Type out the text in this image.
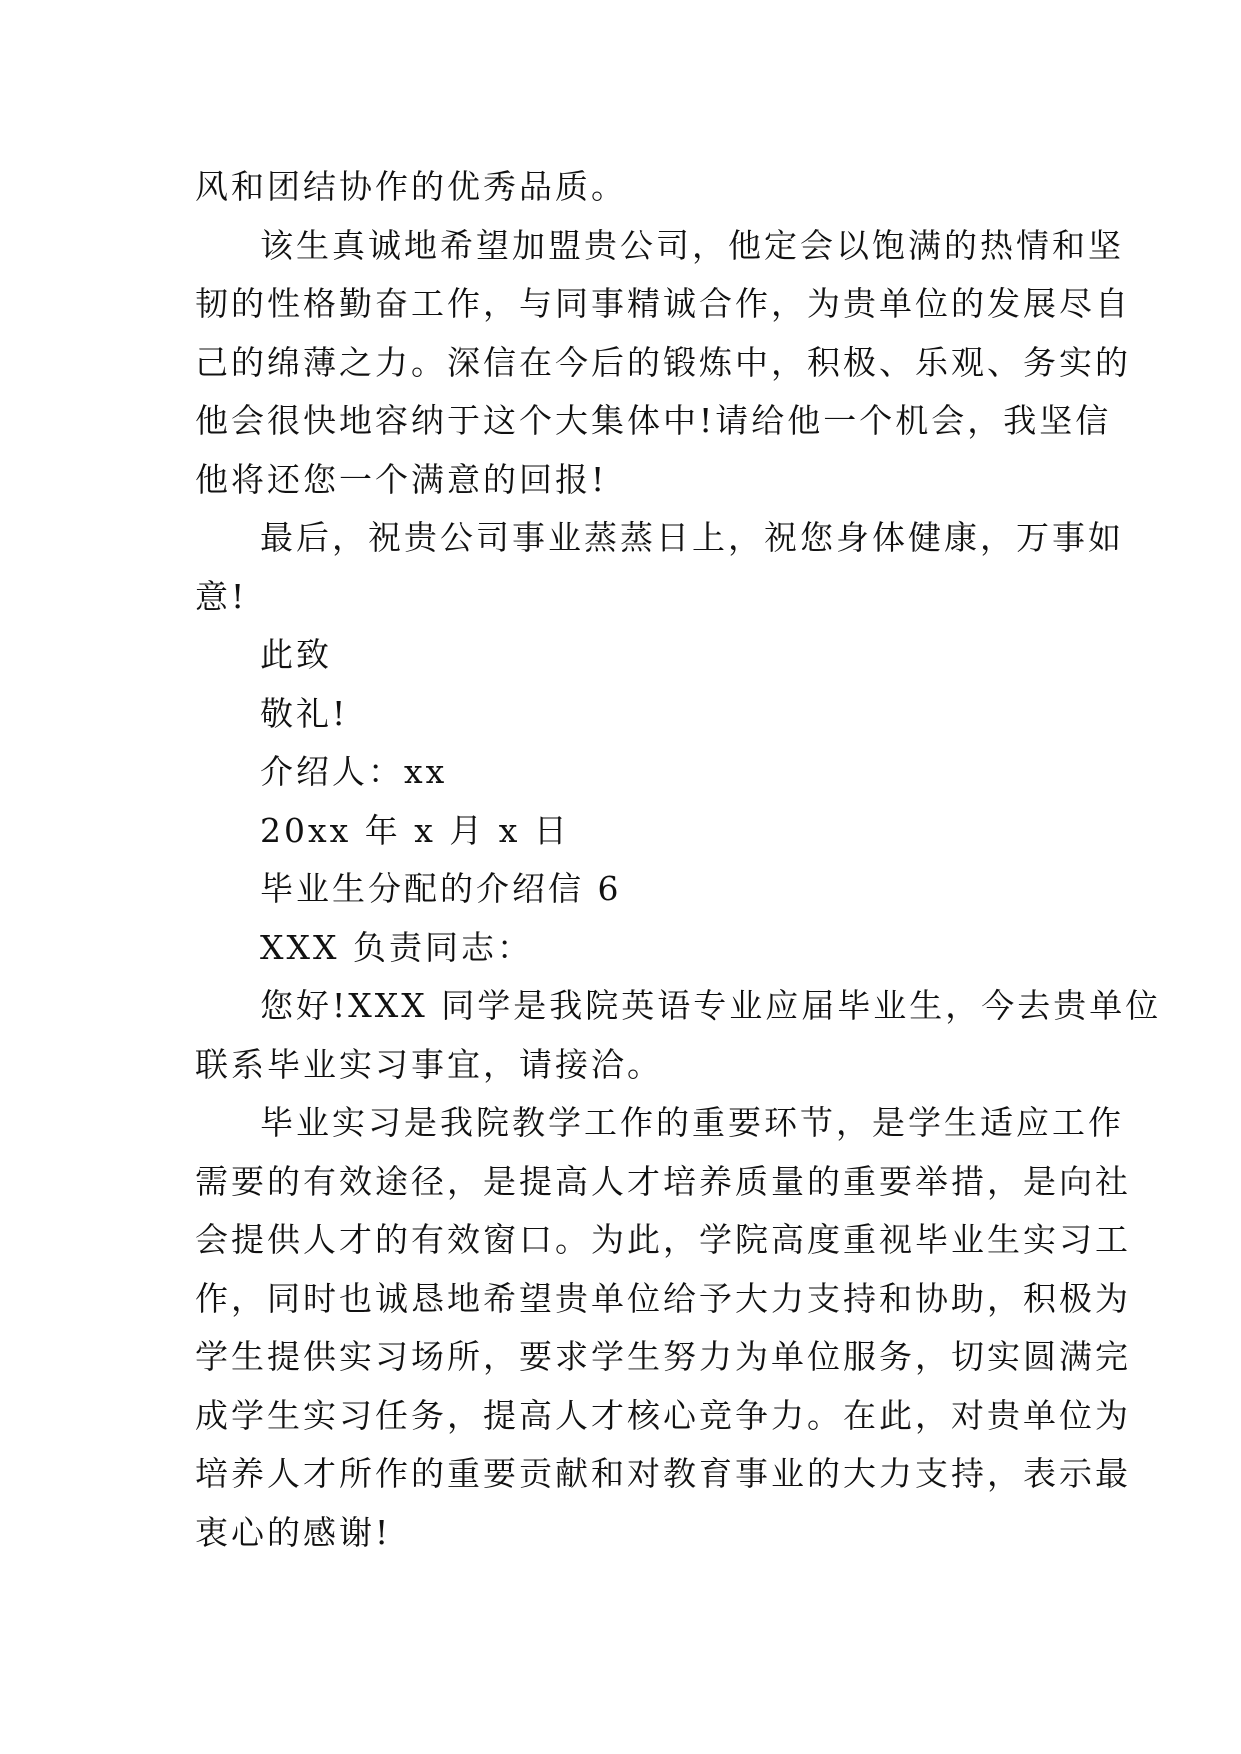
风和团结协作的优秀品质。

该生真诚地希望加盟贵公司，他定会以饱满的热情和坚

韧的性格勤奋工作，与同事精诚合作，为贵单位的发展尽自

己的绵薄之力。深信在今后的锻炼中，积极、乐观、务实的

他会很快地容纳于这个大集体中!请给他一个机会，我坚信

他将还您一个满意的回报!

最后，祝贵公司事业蒸蒸日上，祝您身体健康，万事如

意!

此致

敬礼!

介绍人：xx

20xx 年 x 月 x 日

毕业生分配的介绍信 6

XXX 负责同志：

您好!XXX 同学是我院英语专业应届毕业生，今去贵单位

联系毕业实习事宜，请接洽。

毕业实习是我院教学工作的重要环节，是学生适应工作

需要的有效途径，是提高人才培养质量的重要举措，是向社

会提供人才的有效窗口。为此，学院高度重视毕业生实习工

作，同时也诚恳地希望贵单位给予大力支持和协助，积极为

学生提供实习场所，要求学生努力为单位服务，切实圆满完

成学生实习任务，提高人才核心竞争力。在此，对贵单位为

培养人才所作的重要贡献和对教育事业的大力支持，表示最

衷心的感谢!
